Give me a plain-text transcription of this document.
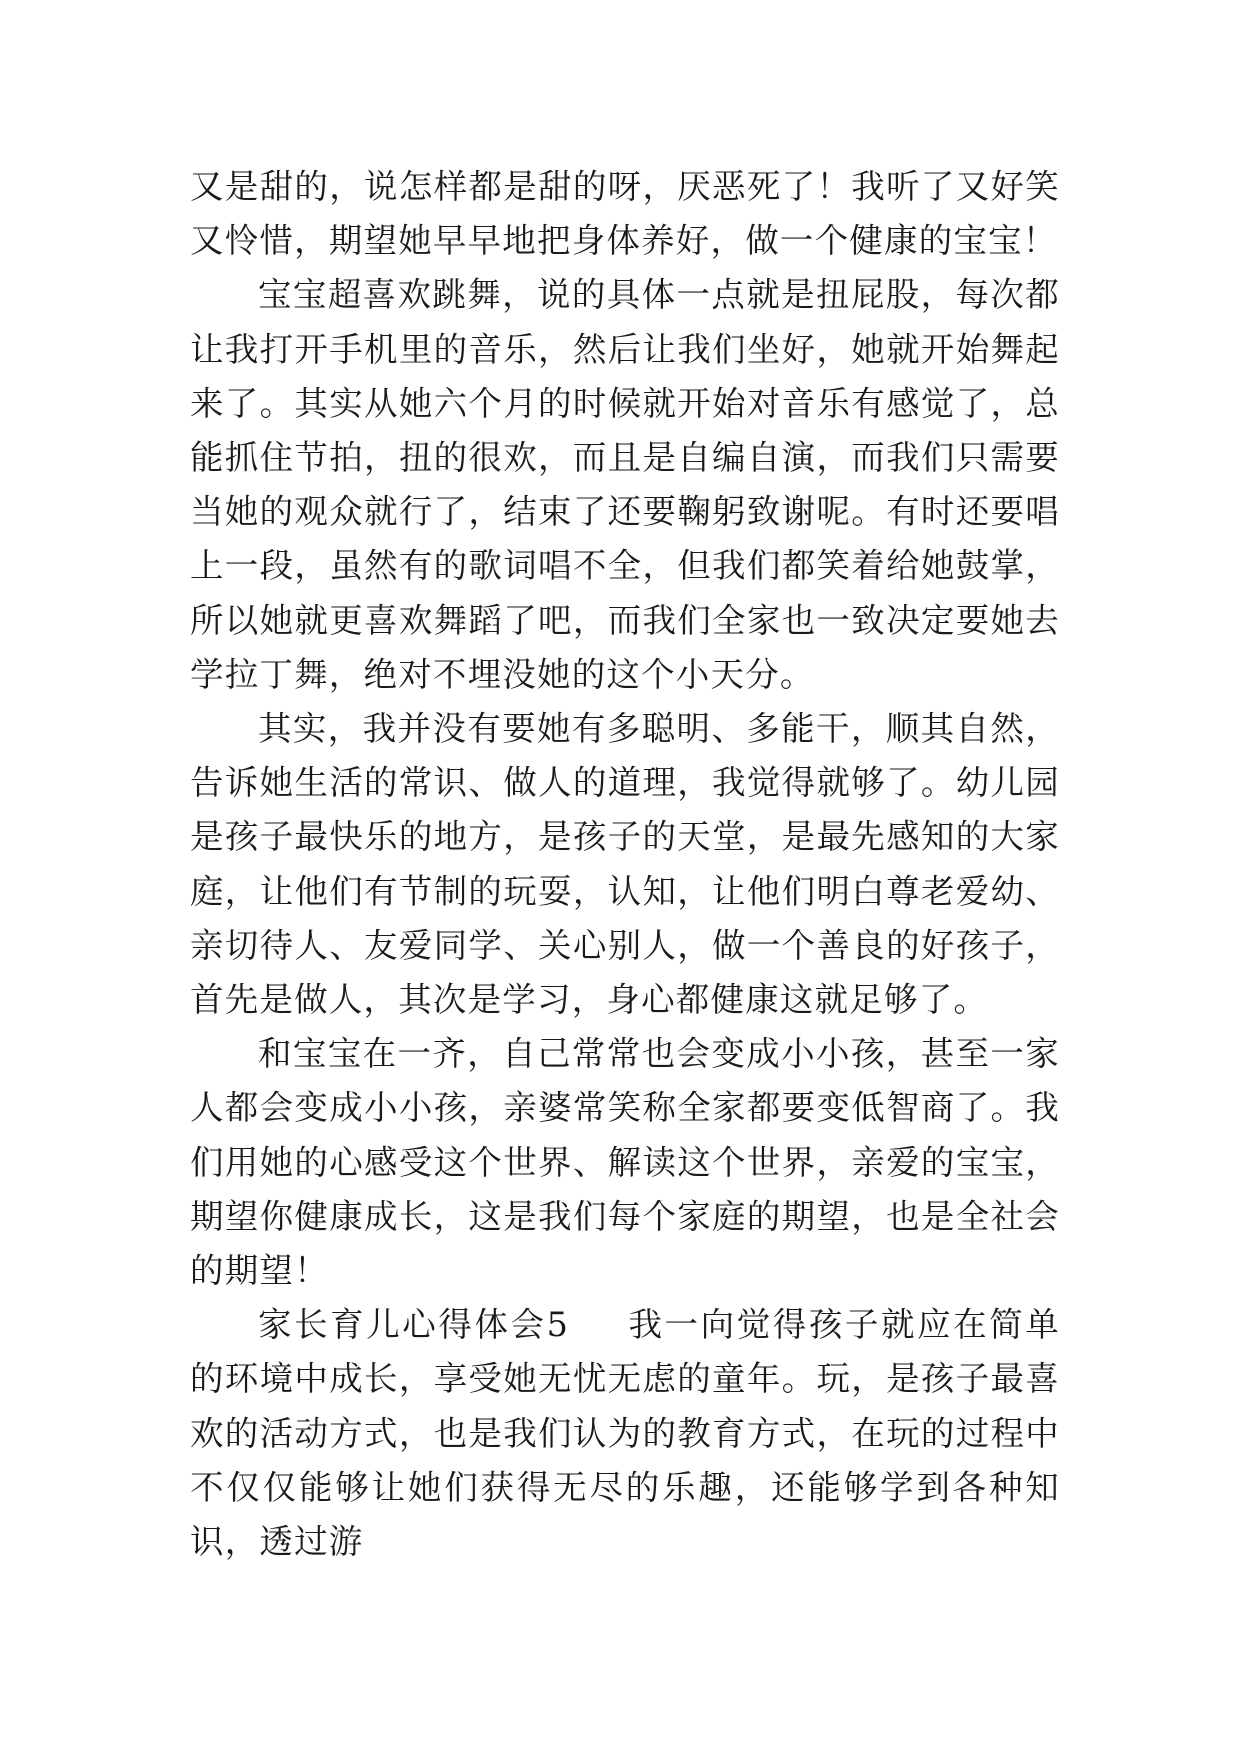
又是甜的，说怎样都是甜的呀，厌恶死了！我听了又好笑又怜惜，期望她早早地把身体养好，做一个健康的宝宝！

宝宝超喜欢跳舞，说的具体一点就是扭屁股，每次都让我打开手机里的音乐，然后让我们坐好，她就开始舞起来了。其实从她六个月的时候就开始对音乐有感觉了，总能抓住节拍，扭的很欢，而且是自编自演，而我们只需要当她的观众就行了，结束了还要鞠躬致谢呢。有时还要唱上一段，虽然有的歌词唱不全，但我们都笑着给她鼓掌，所以她就更喜欢舞蹈了吧，而我们全家也一致决定要她去学拉丁舞，绝对不埋没她的这个小天分。

其实，我并没有要她有多聪明、多能干，顺其自然，告诉她生活的常识、做人的道理，我觉得就够了。幼儿园是孩子最快乐的地方，是孩子的天堂，是最先感知的大家庭，让他们有节制的玩耍，认知，让他们明白尊老爱幼、亲切待人、友爱同学、关心别人，做一个善良的好孩子，首先是做人，其次是学习，身心都健康这就足够了。

和宝宝在一齐，自己常常也会变成小小孩，甚至一家人都会变成小小孩，亲婆常笑称全家都要变低智商了。我们用她的心感受这个世界、解读这个世界，亲爱的宝宝，期望你健康成长，这是我们每个家庭的期望，也是全社会的期望！

家长育儿心得体会5 我一向觉得孩子就应在简单的环境中成长，享受她无忧无虑的童年。玩，是孩子最喜欢的活动方式，也是我们认为的教育方式，在玩的过程中不仅仅能够让她们获得无尽的乐趣，还能够学到各种知识，透过游
